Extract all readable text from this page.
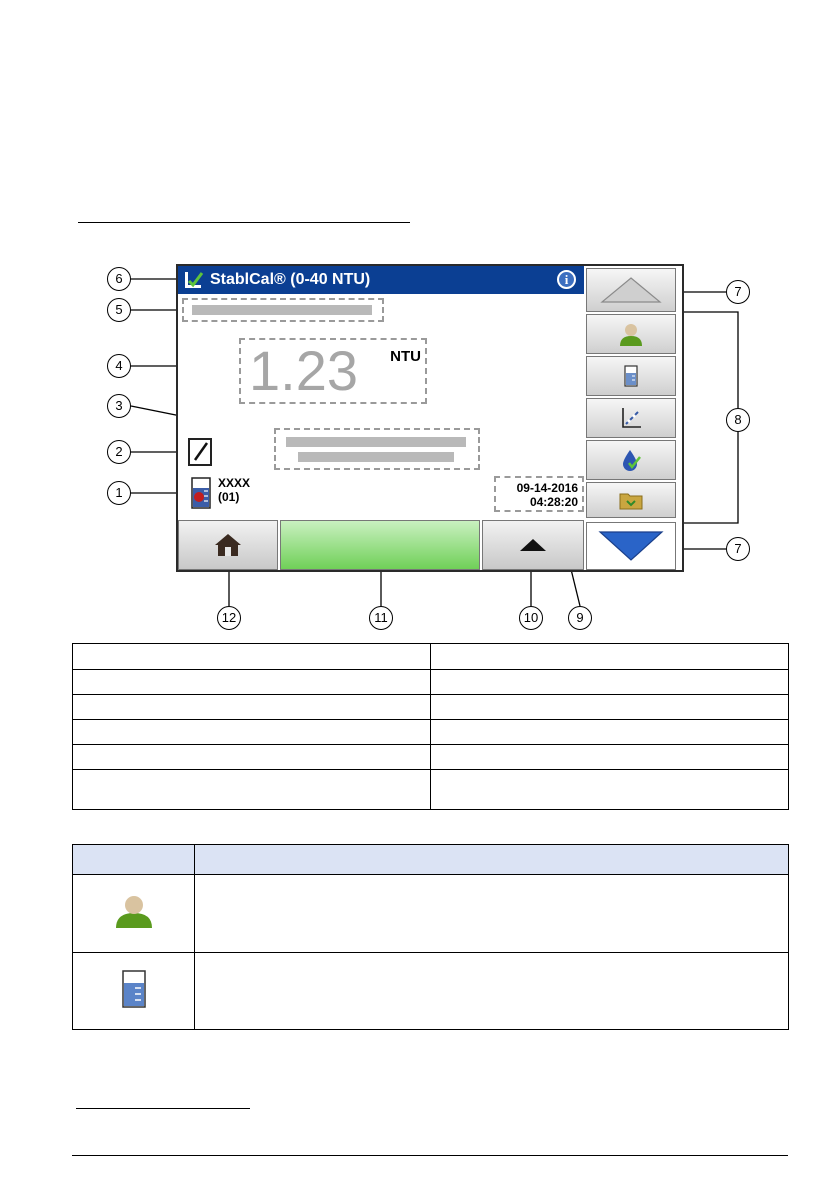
StablCal® (0-40 NTU)	i
1.23 NTU
XXXX
(01)
09-14-2016
04:28:20
1
2
3
4
5
6
7
8
7
12	11	10	9
